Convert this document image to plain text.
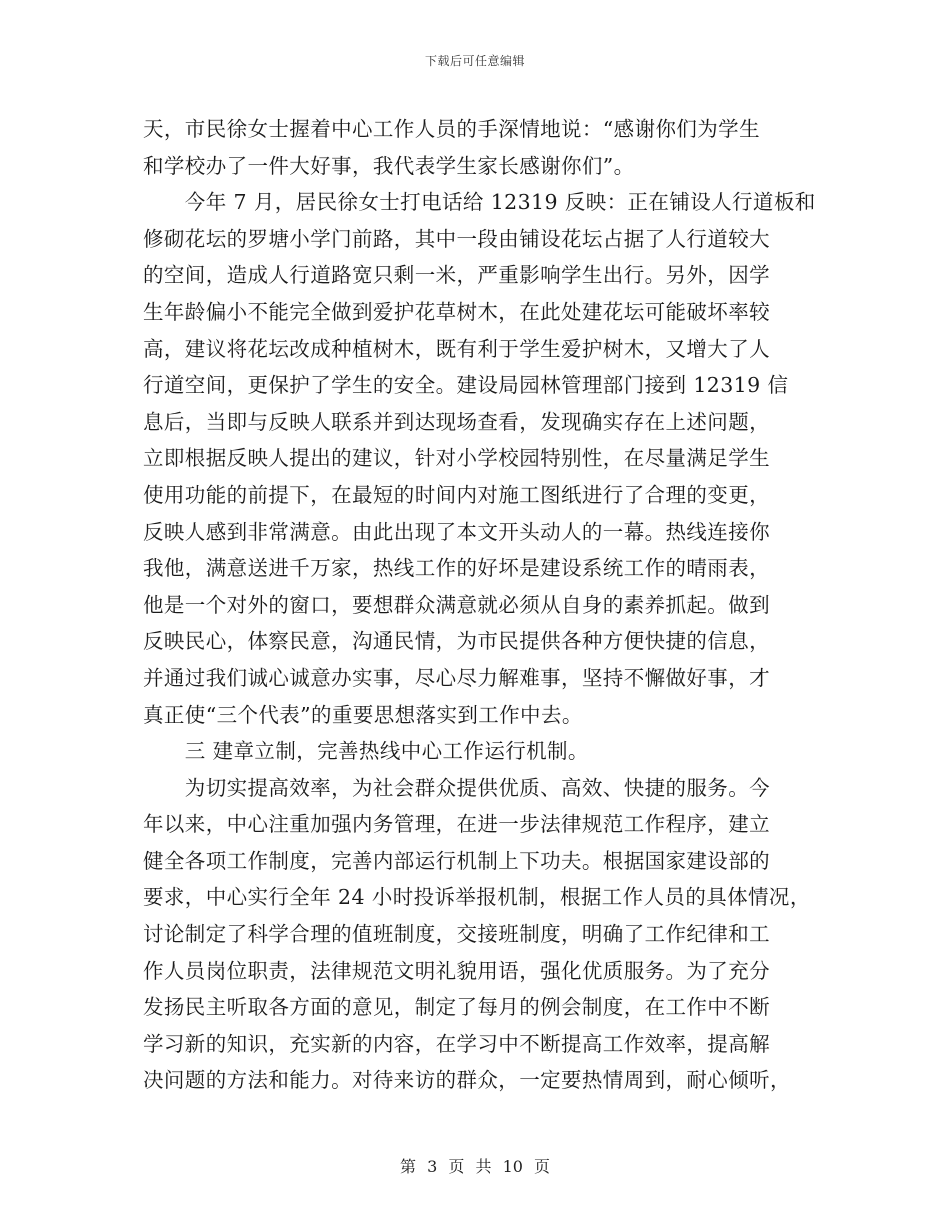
下载后可任意编辑
天，市民徐女士握着中心工作人员的手深情地说：“感谢你们为学生
和学校办了一件大好事，我代表学生家长感谢你们”。
　　今年 7 月，居民徐女士打电话给 12319 反映：正在铺设人行道板和
修砌花坛的罗塘小学门前路，其中一段由铺设花坛占据了人行道较大
的空间，造成人行道路宽只剩一米，严重影响学生出行。另外，因学
生年龄偏小不能完全做到爱护花草树木，在此处建花坛可能破坏率较
高，建议将花坛改成种植树木，既有利于学生爱护树木，又增大了人
行道空间，更保护了学生的安全。建设局园林管理部门接到 12319 信
息后，当即与反映人联系并到达现场查看，发现确实存在上述问题，
立即根据反映人提出的建议，针对小学校园特别性，在尽量满足学生
使用功能的前提下，在最短的时间内对施工图纸进行了合理的变更，
反映人感到非常满意。由此出现了本文开头动人的一幕。热线连接你
我他，满意送进千万家，热线工作的好坏是建设系统工作的晴雨表，
他是一个对外的窗口，要想群众满意就必须从自身的素养抓起。做到
反映民心，体察民意，沟通民情，为市民提供各种方便快捷的信息，
并通过我们诚心诚意办实事，尽心尽力解难事，坚持不懈做好事，才
真正使“三个代表”的重要思想落实到工作中去。
　　三 建章立制，完善热线中心工作运行机制。
　　为切实提高效率，为社会群众提供优质、高效、快捷的服务。今
年以来，中心注重加强内务管理，在进一步法律规范工作程序，建立
健全各项工作制度，完善内部运行机制上下功夫。根据国家建设部的
要求，中心实行全年 24 小时投诉举报机制，根据工作人员的具体情况，
讨论制定了科学合理的值班制度，交接班制度，明确了工作纪律和工
作人员岗位职责，法律规范文明礼貌用语，强化优质服务。为了充分
发扬民主听取各方面的意见，制定了每月的例会制度，在工作中不断
学习新的知识，充实新的内容，在学习中不断提高工作效率，提高解
决问题的方法和能力。对待来访的群众，一定要热情周到，耐心倾听，
第 3 页 共 10 页
